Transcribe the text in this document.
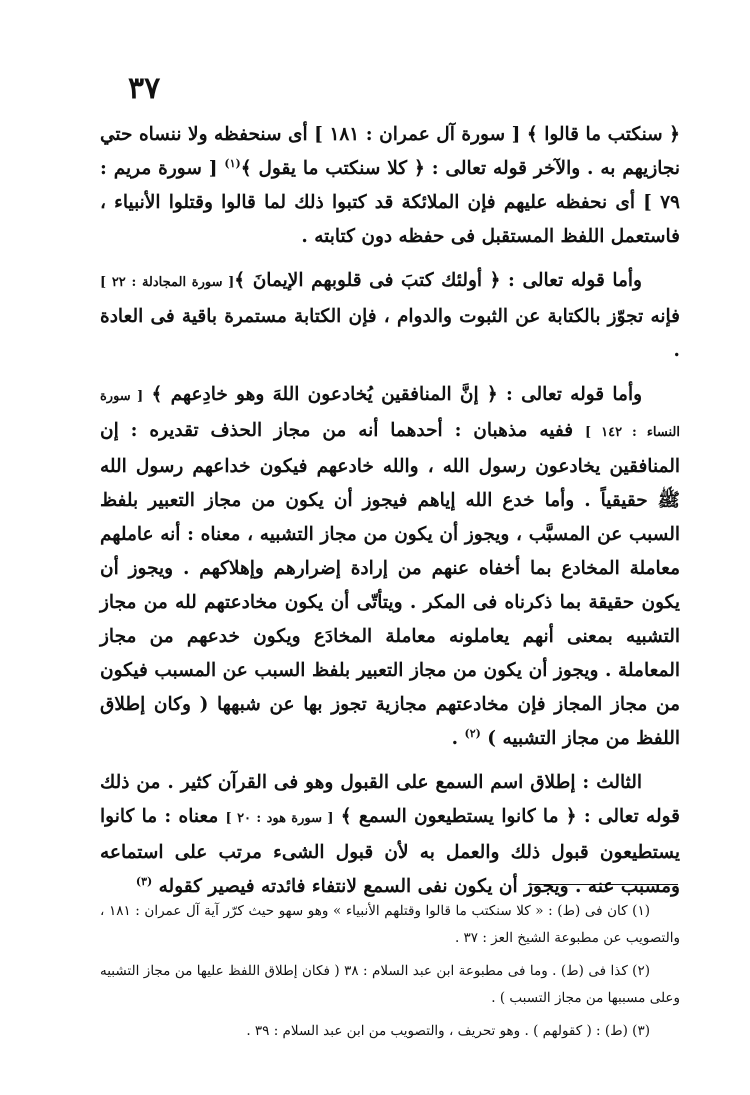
٣٧

﴿ سنكتب ما قالوا ﴾ [ سورة آل عمران : ١٨١ ] أى سنحفظه ولا ننساه حتي نجازيهم به . والآخر قوله تعالى : ﴿ كلا سنكتب ما يقول ﴾$^{(١)}$ [ سورة مريم : ٧٩ ] أى نحفظه عليهم فإن الملائكة قد كتبوا ذلك لما قالوا وقتلوا الأنبياء ، فاستعمل اللفظ المستقبل فى حفظه دون كتابته .

وأما قوله تعالى : ﴿ أولئك كتبَ فى قلوبهم الإيمانَ ﴾[ سورة المجادلة : ٢٢ ] فإنه تجوّز بالكتابة عن الثبوت والدوام ، فإن الكتابة مستمرة باقية فى العادة .

وأما قوله تعالى : ﴿ إنَّ المنافقين يُخادعون اللهَ وهو خادِعهم ﴾ [ سورة النساء : ١٤٢ ] ففيه مذهبان : أحدهما أنه من مجاز الحذف تقديره : إن المنافقين يخادعون رسول الله ، والله خادعهم فيكون خداعهم رسول الله ﷺ حقيقياً . وأما خدع الله إياهم فيجوز أن يكون من مجاز التعبير بلفظ السبب عن المسبَّب ، ويجوز أن يكون من مجاز التشبيه ، معناه : أنه عاملهم معاملة المخادع بما أخفاه عنهم من إرادة إضرارهم وإهلاكهم . ويجوز أن يكون حقيقة بما ذكرناه فى المكر . ويتأتّى أن يكون مخادعتهم لله من مجاز التشبيه بمعنى أنهم يعاملونه معاملة المخادَع ويكون خدعهم من مجاز المعاملة . ويجوز أن يكون من مجاز التعبير بلفظ السبب عن المسبب فيكون من مجاز المجاز فإن مخادعتهم مجازية تجوز بها عن شبهها ( وكان إطلاق اللفظ من مجاز التشبيه ) $^{(٢)}$ .

الثالث : إطلاق اسم السمع على القبول وهو فى القرآن كثير . من ذلك قوله تعالى : ﴿ ما كانوا يستطيعون السمع ﴾ [ سورة هود : ٢٠ ] معناه : ما كانوا يستطيعون قبول ذلك والعمل به لأن قبول الشىء مرتب على استماعه ومسبب عنه . ويجوز أن يكون نفى السمع لانتفاء فائدته فيصير كقوله $^{(٣)}$

(١) كان فى (ط) : « كلا سنكتب ما قالوا وقتلهم الأنبياء » وهو سهو حيث كرّر آية آل عمران : ١٨١ ، والتصويب عن مطبوعة الشيخ العز : ٣٧ .

(٢) كذا فى (ط) . وما فى مطبوعة ابن عبد السلام : ٣٨ ( فكان إطلاق اللفظ عليها من مجاز التشبيه وعلى مسببها من مجاز التسبب ) .

(٣) (ط) : ( كقولهم ) . وهو تحريف ، والتصويب من ابن عبد السلام : ٣٩ .
